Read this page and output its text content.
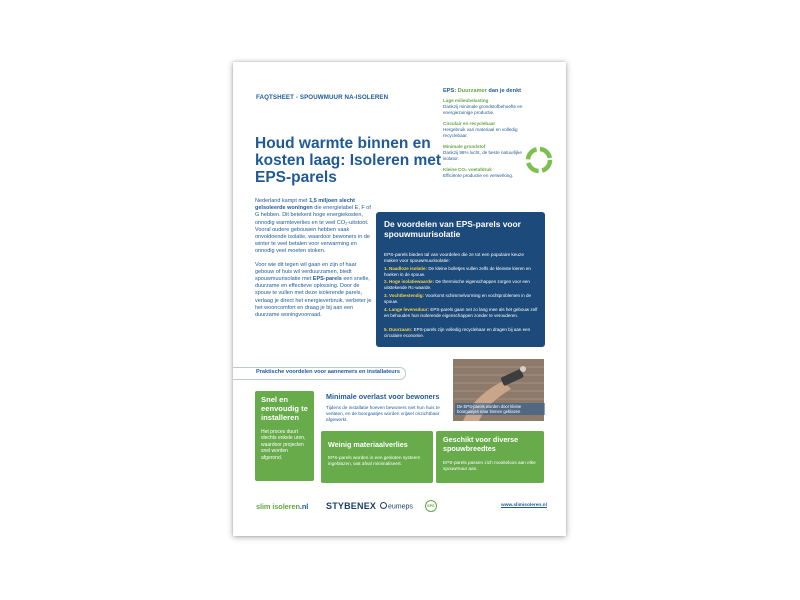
FAQTSHEET - SPOUWMUUR NA-ISOLEREN
EPS: Duurzamer dan je denkt
Lage milieubelasting
Dankzij minimale grondstofbehoefte en energiezuinige productie.
Circulair en recyclebaar
Hergebruik van materiaal en volledig recyclebaar.
Minimale grondstof
Dankzij 98% lucht, de beste natuurlijke isolator.
Kleine CO₂ voetafdruk
Efficiënte productie en verwerking.
Houd warmte binnen en kosten laag: Isoleren met EPS-parels
Nederland kampt met 1,5 miljoen slecht geïsoleerde woningen die energielabel E, F of G hebben. Dit betekent hoge energiekosten, onnodig warmteverlies en te veel CO₂-uitstoot. Vooral oudere gebouwen hebben vaak onvoldoende isolatie, waardoor bewoners in de winter te veel betalen voor verwarming en onnodig veel moeten stoken.
Voor wie dit tegen wil gaan en zijn of haar gebouw of huis wil verduurzamen, biedt spouwmuurisolatie met EPS-parels een snelle, duurzame en effectieve oplossing. Door de spouw te vullen met deze isolerende parels, verlaag je direct het energieverbruik, verbeter je het wooncomfort en draag je bij aan een duurzame woningvoorraad.
De voordelen van EPS-parels voor spouwmuurisolatie
EPS-parels bieden tal van voordelen die ze tot een populaire keuze maken voor spouwmuurisolatie:
1. Naadloze isolatie: De kleine bolletjes vullen zelfs de kleinste kieren en hoeken in de spouw.
2. Hoge isolatiewaarde: De thermische eigenschappen zorgen voor een uitstekende Rc-waarde.
3. Vochtbestendig: Voorkomt schimmelvorming en vochtproblemen in de spouw.
4. Lange levensduur: EPS-parels gaan net zo lang mee als het gebouw zelf en behouden hun isolerende eigenschappen zonder te verouderen.
5. Duurzaam: EPS-parels zijn volledig recyclebaar en dragen bij aan een circulaire economie.
Praktische voordelen voor aannemers en installateurs
De EPS-parels worden door kleine boorgaatjes naar binnen geblazen
Snel en eenvoudig te installeren
Het proces duurt slechts enkele uren, waardoor projecten snel worden afgerond.
Minimale overlast voor bewoners
Tijdens de installatie hoeven bewoners niet hun huis te verlaten, en de boorgaatjes worden vrijwel onzichtbaar afgewerkt.
Weinig materiaalverlies
EPS-parels worden in een gesloten systeem ingeblazen, wat afval minimaliseert.
Geschikt voor diverse spouwbreedtes
EPS-parels passen zich moeiteloos aan elke spouwmuur aan.
slim isoleren.nl STYBENEX	eumeps	EPS	www.slimisoleren.nl
